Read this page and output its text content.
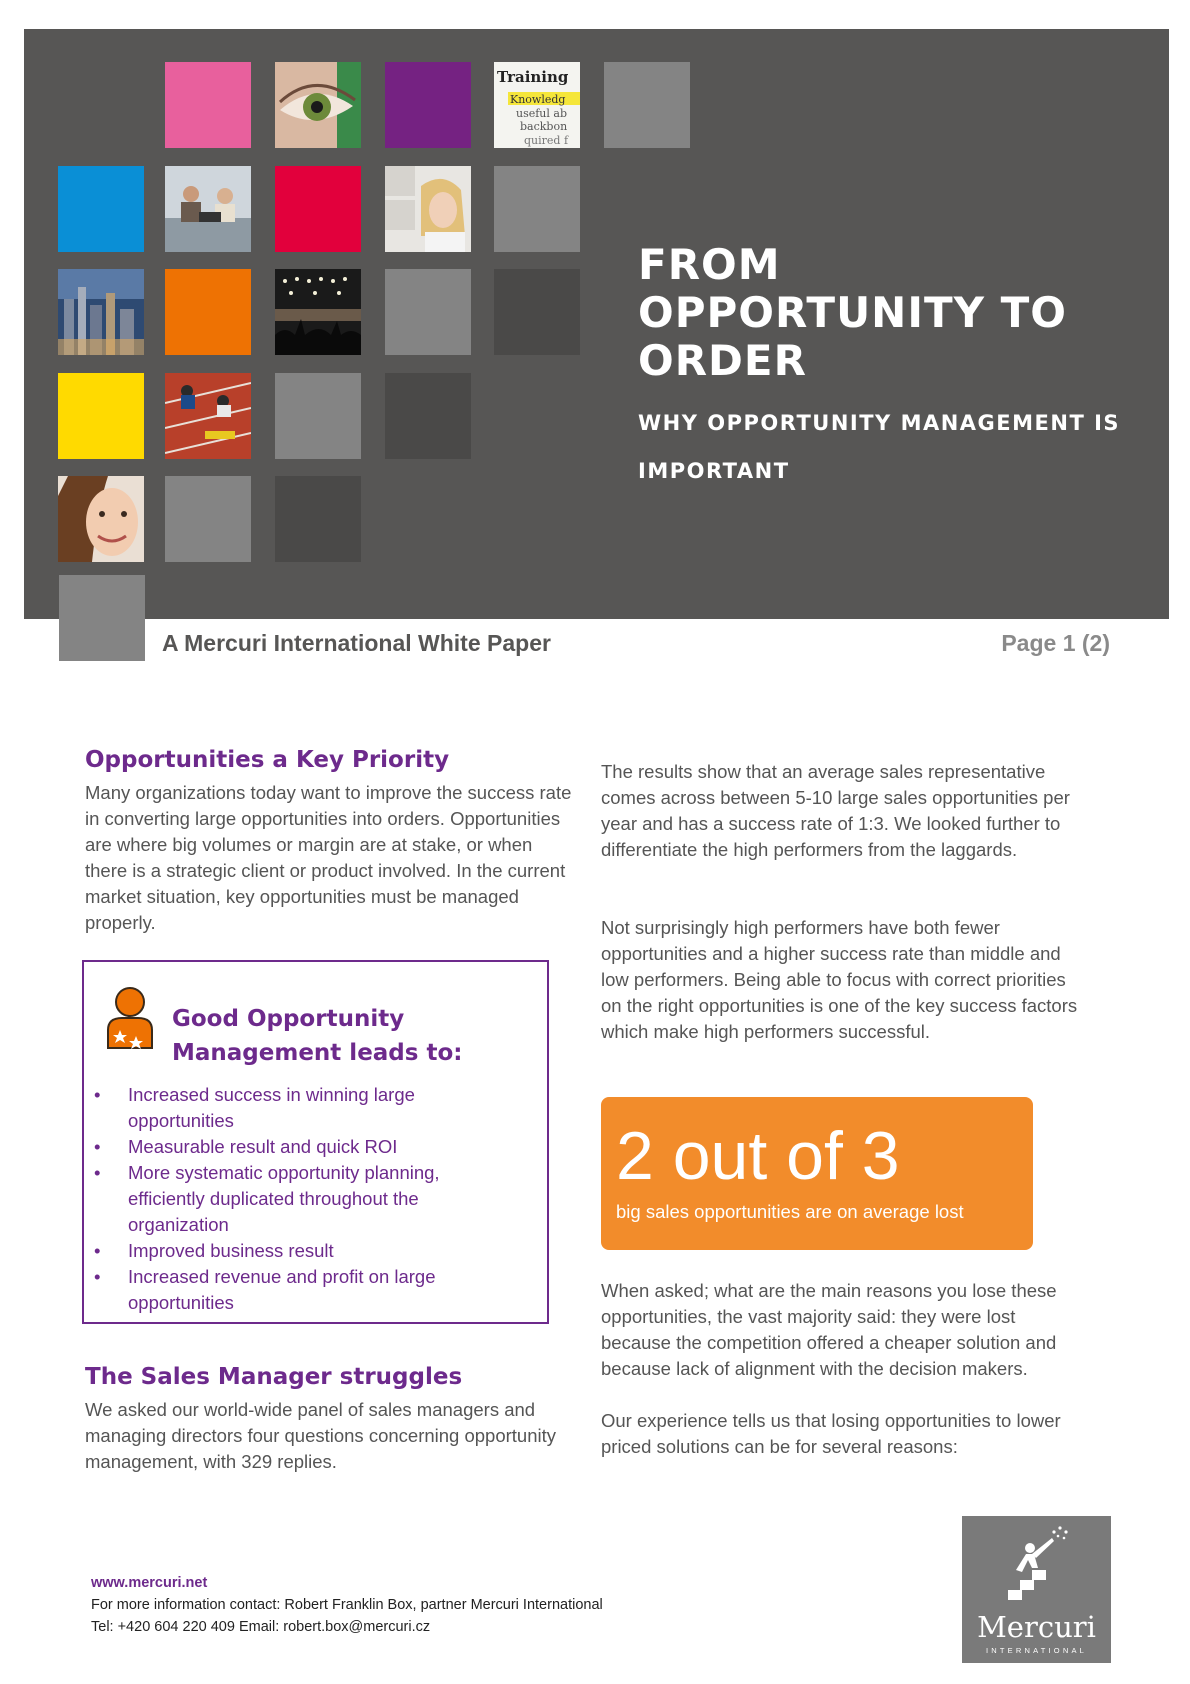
Training
Knowledg
useful ab
backbon
quired f
FROM
OPPORTUNITY TO
ORDER

WHY OPPORTUNITY MANAGEMENT IS IMPORTANT

A Mercuri International White Paper	Page 1 (2)
Opportunities a Key Priority

Many organizations today want to improve the success rate in converting large opportunities into orders. Opportunities are where big volumes or margin are at stake, or when there is a strategic client or product involved. In the current market situation, key opportunities must be managed properly.

Good Opportunity Management leads to:

• Increased success in winning large opportunities
• Measurable result and quick ROI
• More systematic opportunity planning, efficiently duplicated throughout the organization
• Improved business result
• Increased revenue and profit on large opportunities
The Sales Manager struggles

We asked our world-wide panel of sales managers and managing directors four questions concerning opportunity management, with 329 replies.

The results show that an average sales representative comes across between 5-10 large sales opportunities per year and has a success rate of 1:3. We looked further to differentiate the high performers from the laggards.

Not surprisingly high performers have both fewer opportunities and a higher success rate than middle and low performers. Being able to focus with correct priorities on the right opportunities is one of the key success factors which make high performers successful.

2 out of 3
big sales opportunities are on average lost

When asked; what are the main reasons you lose these opportunities, the vast majority said: they were lost because the competition offered a cheaper solution and because lack of alignment with the decision makers.

Our experience tells us that losing opportunities to lower priced solutions can be for several reasons:

www.mercuri.net
For more information contact: Robert Franklin Box, partner Mercuri International
Tel: +420 604 220 409 Email: robert.box@mercuri.cz	Mercuri
INTERNATIONAL
